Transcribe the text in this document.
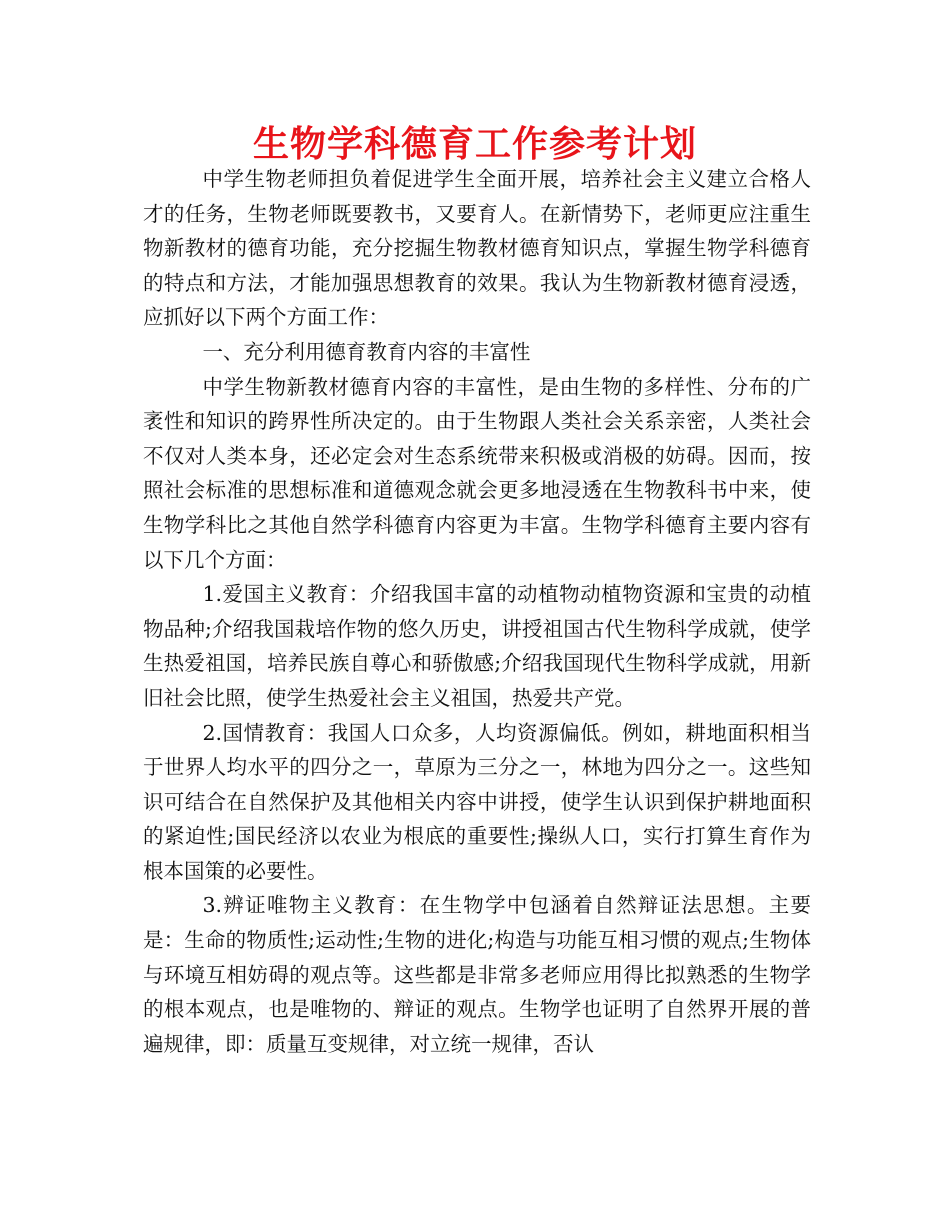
生物学科德育工作参考计划

中学生物老师担负着促进学生全面开展，培养社会主义建立合格人才的任务，生物老师既要教书，又要育人。在新情势下，老师更应注重生物新教材的德育功能，充分挖掘生物教材德育知识点，掌握生物学科德育的特点和方法，才能加强思想教育的效果。我认为生物新教材德育浸透，应抓好以下两个方面工作：

一、充分利用德育教育内容的丰富性

中学生物新教材德育内容的丰富性，是由生物的多样性、分布的广袤性和知识的跨界性所决定的。由于生物跟人类社会关系亲密，人类社会不仅对人类本身，还必定会对生态系统带来积极或消极的妨碍。因而，按照社会标准的思想标准和道德观念就会更多地浸透在生物教科书中来，使生物学科比之其他自然学科德育内容更为丰富。生物学科德育主要内容有以下几个方面：

1.爱国主义教育：介绍我国丰富的动植物动植物资源和宝贵的动植物品种;介绍我国栽培作物的悠久历史，讲授祖国古代生物科学成就，使学生热爱祖国，培养民族自尊心和骄傲感;介绍我国现代生物科学成就，用新旧社会比照，使学生热爱社会主义祖国，热爱共产党。

2.国情教育：我国人口众多，人均资源偏低。例如，耕地面积相当于世界人均水平的四分之一，草原为三分之一，林地为四分之一。这些知识可结合在自然保护及其他相关内容中讲授，使学生认识到保护耕地面积的紧迫性;国民经济以农业为根底的重要性;操纵人口，实行打算生育作为根本国策的必要性。

3.辨证唯物主义教育：在生物学中包涵着自然辩证法思想。主要是：生命的物质性;运动性;生物的进化;构造与功能互相习惯的观点;生物体与环境互相妨碍的观点等。这些都是非常多老师应用得比拟熟悉的生物学的根本观点，也是唯物的、辩证的观点。生物学也证明了自然界开展的普遍规律，即：质量互变规律，对立统一规律，否认
